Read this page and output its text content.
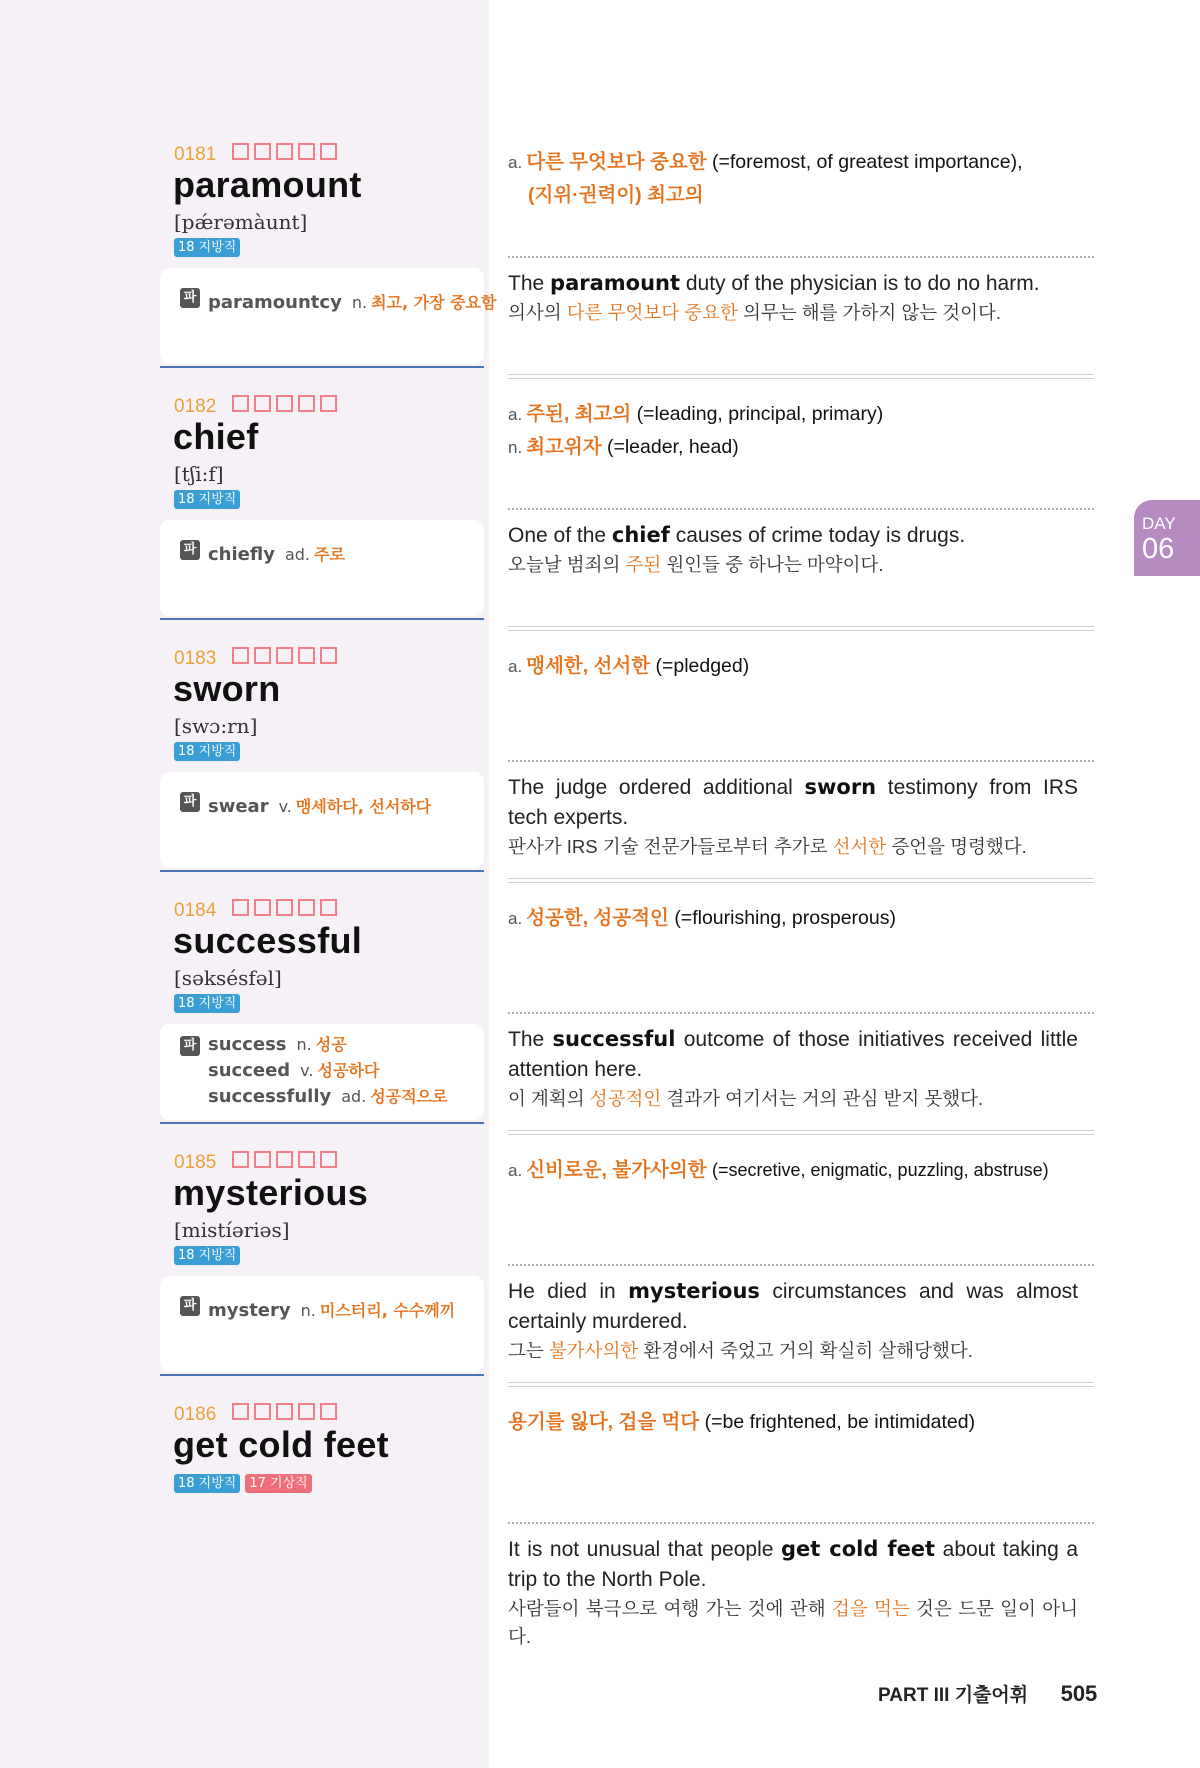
0181
paramount
[pǽrəmàunt]
18 지방직
파 paramountcy n. 최고, 가장 중요함
a. 다른 무엇보다 중요한 (=foremost, of greatest importance),
(지위·권력이) 최고의
The paramount duty of the physician is to do no harm.
의사의 다른 무엇보다 중요한 의무는 해를 가하지 않는 것이다.
0182
chief
[tʃi:f]
18 지방직
파 chiefly ad. 주로
a. 주된, 최고의 (=leading, principal, primary)
n. 최고위자 (=leader, head)
One of the chief causes of crime today is drugs.
오늘날 범죄의 주된 원인들 중 하나는 마약이다.
0183
sworn
[swɔ:rn]
18 지방직
파 swear v. 맹세하다, 선서하다
a. 맹세한, 선서한 (=pledged)
The judge ordered additional sworn testimony from IRS tech experts.
판사가 IRS 기술 전문가들로부터 추가로 선서한 증언을 명령했다.
0184
successful
[səksésfəl]
18 지방직
파 success n. 성공
succeed v. 성공하다
successfully ad. 성공적으로
a. 성공한, 성공적인 (=flourishing, prosperous)
The successful outcome of those initiatives received little attention here.
이 계획의 성공적인 결과가 여기서는 거의 관심 받지 못했다.
0185
mysterious
[mistíəriəs]
18 지방직
파 mystery n. 미스터리, 수수께끼
a. 신비로운, 불가사의한 (=secretive, enigmatic, puzzling, abstruse)
He died in mysterious circumstances and was almost certainly murdered.
그는 불가사의한 환경에서 죽었고 거의 확실히 살해당했다.
0186
get cold feet
18 지방직	17 기상직
용기를 잃다, 겁을 먹다 (=be frightened, be intimidated)
It is not unusual that people get cold feet about taking a trip to the North Pole.
사람들이 북극으로 여행 가는 것에 관해 겁을 먹는 것은 드문 일이 아니다.
DAY
06
PART III 기출어휘 505
